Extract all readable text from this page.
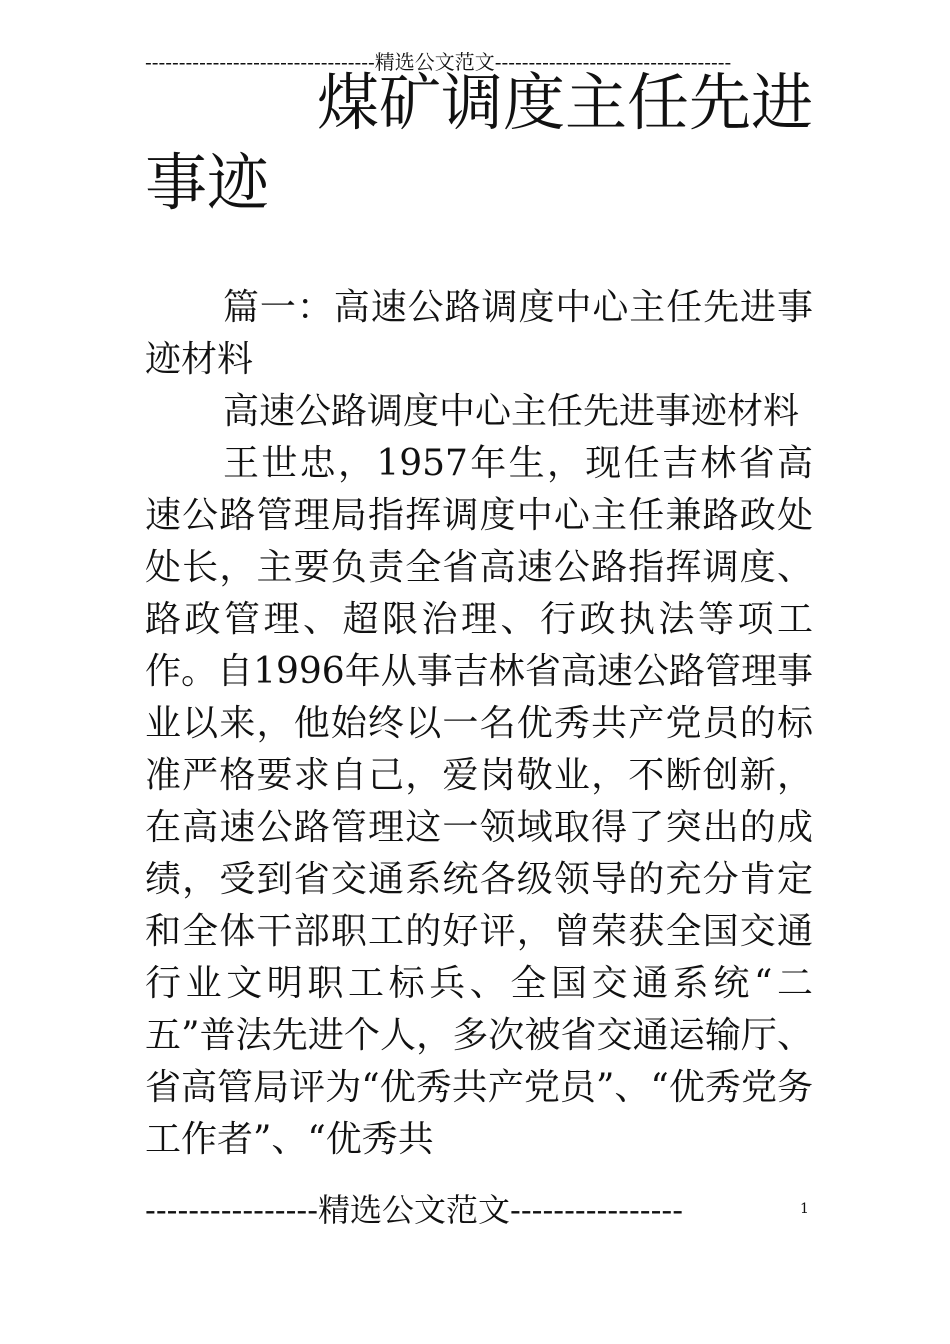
----------------------------------精选公文范文-----------------------------------
煤矿调度主任先进
事迹

篇一：高速公路调度中心主任先进事迹材料

高速公路调度中心主任先进事迹材料

王世忠，1957年生，现任吉林省高速公路管理局指挥调度中心主任兼路政处处长，主要负责全省高速公路指挥调度、路政管理、超限治理、行政执法等项工作。自1996年从事吉林省高速公路管理事业以来，他始终以一名优秀共产党员的标准严格要求自己，爱岗敬业，不断创新，在高速公路管理这一领域取得了突出的成绩，受到省交通系统各级领导的充分肯定和全体干部职工的好评，曾荣获全国交通行业文明职工标兵、全国交通系统“二五”普法先进个人，多次被省交通运输厅、省高管局评为“优秀共产党员”、“优秀党务工作者”、“优秀共

----------------精选公文范文----------------	1
